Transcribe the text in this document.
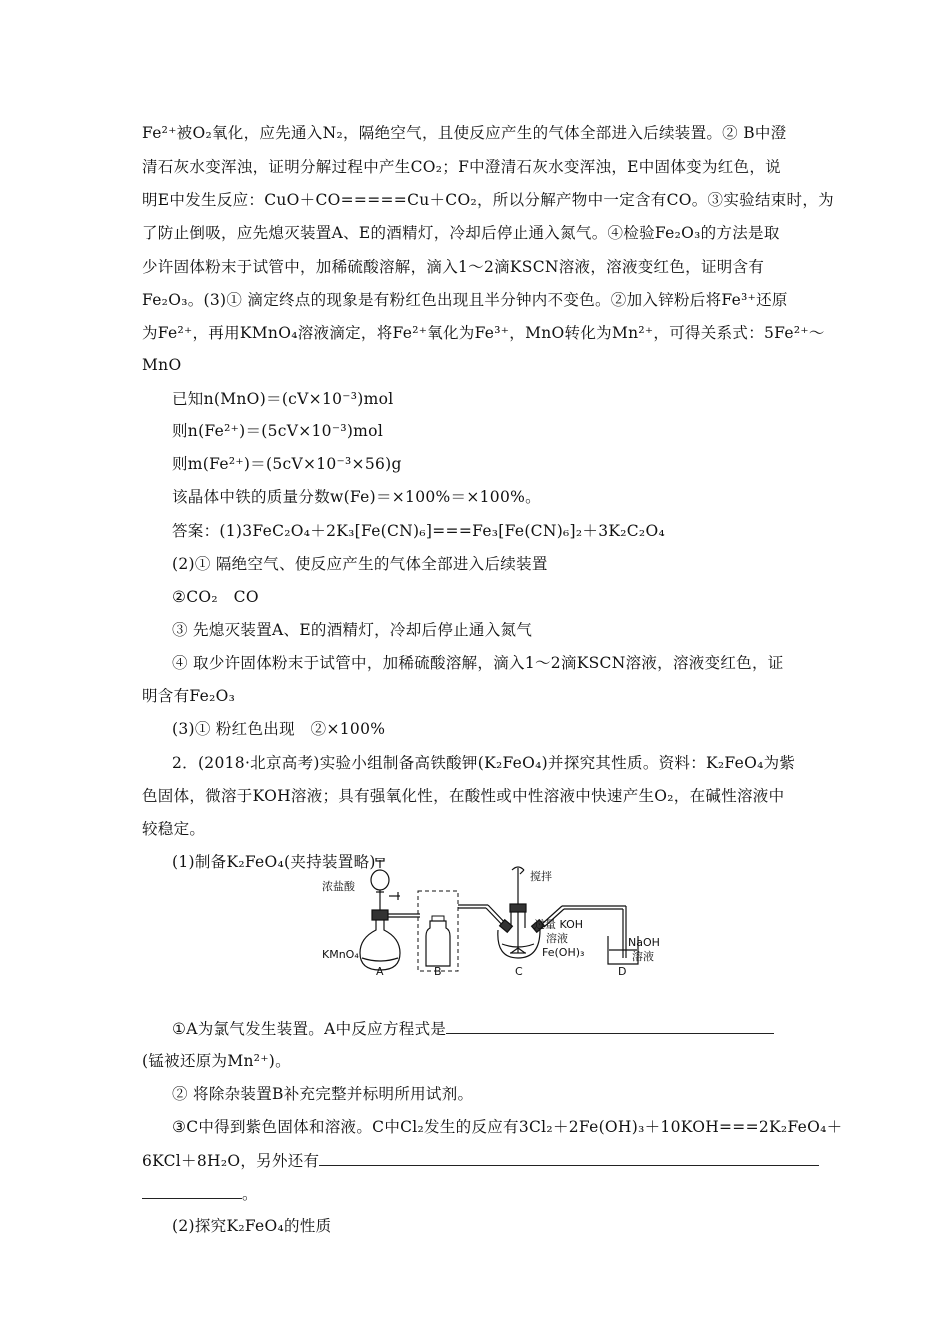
Fe²⁺被O₂氧化，应先通入N₂，隔绝空气，且使反应产生的气体全部进入后续装置。② B中澄
清石灰水变浑浊，证明分解过程中产生CO₂；F中澄清石灰水变浑浊，E中固体变为红色，说
明E中发生反应：CuO＋CO=====Cu＋CO₂，所以分解产物中一定含有CO。③实验结束时，为
了防止倒吸，应先熄灭装置A、E的酒精灯，冷却后停止通入氮气。④检验Fe₂O₃的方法是取
少许固体粉末于试管中，加稀硫酸溶解，滴入1～2滴KSCN溶液，溶液变红色，证明含有
Fe₂O₃。(3)① 滴定终点的现象是有粉红色出现且半分钟内不变色。②加入锌粉后将Fe³⁺还原
为Fe²⁺，再用KMnO₄溶液滴定，将Fe²⁺氧化为Fe³⁺，MnO转化为Mn²⁺，可得关系式：5Fe²⁺～
MnO
已知n(MnO)＝(cV×10⁻³)mol
则n(Fe²⁺)＝(5cV×10⁻³)mol
则m(Fe²⁺)＝(5cV×10⁻³×56)g
该晶体中铁的质量分数w(Fe)＝×100%＝×100%。
答案：(1)3FeC₂O₄＋2K₃[Fe(CN)₆]===Fe₃[Fe(CN)₆]₂＋3K₂C₂O₄
(2)① 隔绝空气、使反应产生的气体全部进入后续装置
②CO₂　CO
③ 先熄灭装置A、E的酒精灯，冷却后停止通入氮气
④ 取少许固体粉末于试管中，加稀硫酸溶解，滴入1～2滴KSCN溶液，溶液变红色，证
明含有Fe₂O₃
(3)① 粉红色出现　②×100%
2．(2018·北京高考)实验小组制备高铁酸钾(K₂FeO₄)并探究其性质。资料：K₂FeO₄为紫
色固体，微溶于KOH溶液；具有强氧化性，在酸性或中性溶液中快速产生O₂，在碱性溶液中
较稳定。
(1)制备K₂FeO₄(夹持装置略)
浓盐酸
KMnO₄
搅拌
过量 KOH
溶液
Fe(OH)₃
NaOH
溶液
A	B	C	D
①A为氯气发生装置。A中反应方程式是
(锰被还原为Mn²⁺)。
② 将除杂装置B补充完整并标明所用试剂。
③C中得到紫色固体和溶液。C中Cl₂发生的反应有3Cl₂＋2Fe(OH)₃＋10KOH===2K₂FeO₄＋
6KCl＋8H₂O，另外还有
。
(2)探究K₂FeO₄的性质
